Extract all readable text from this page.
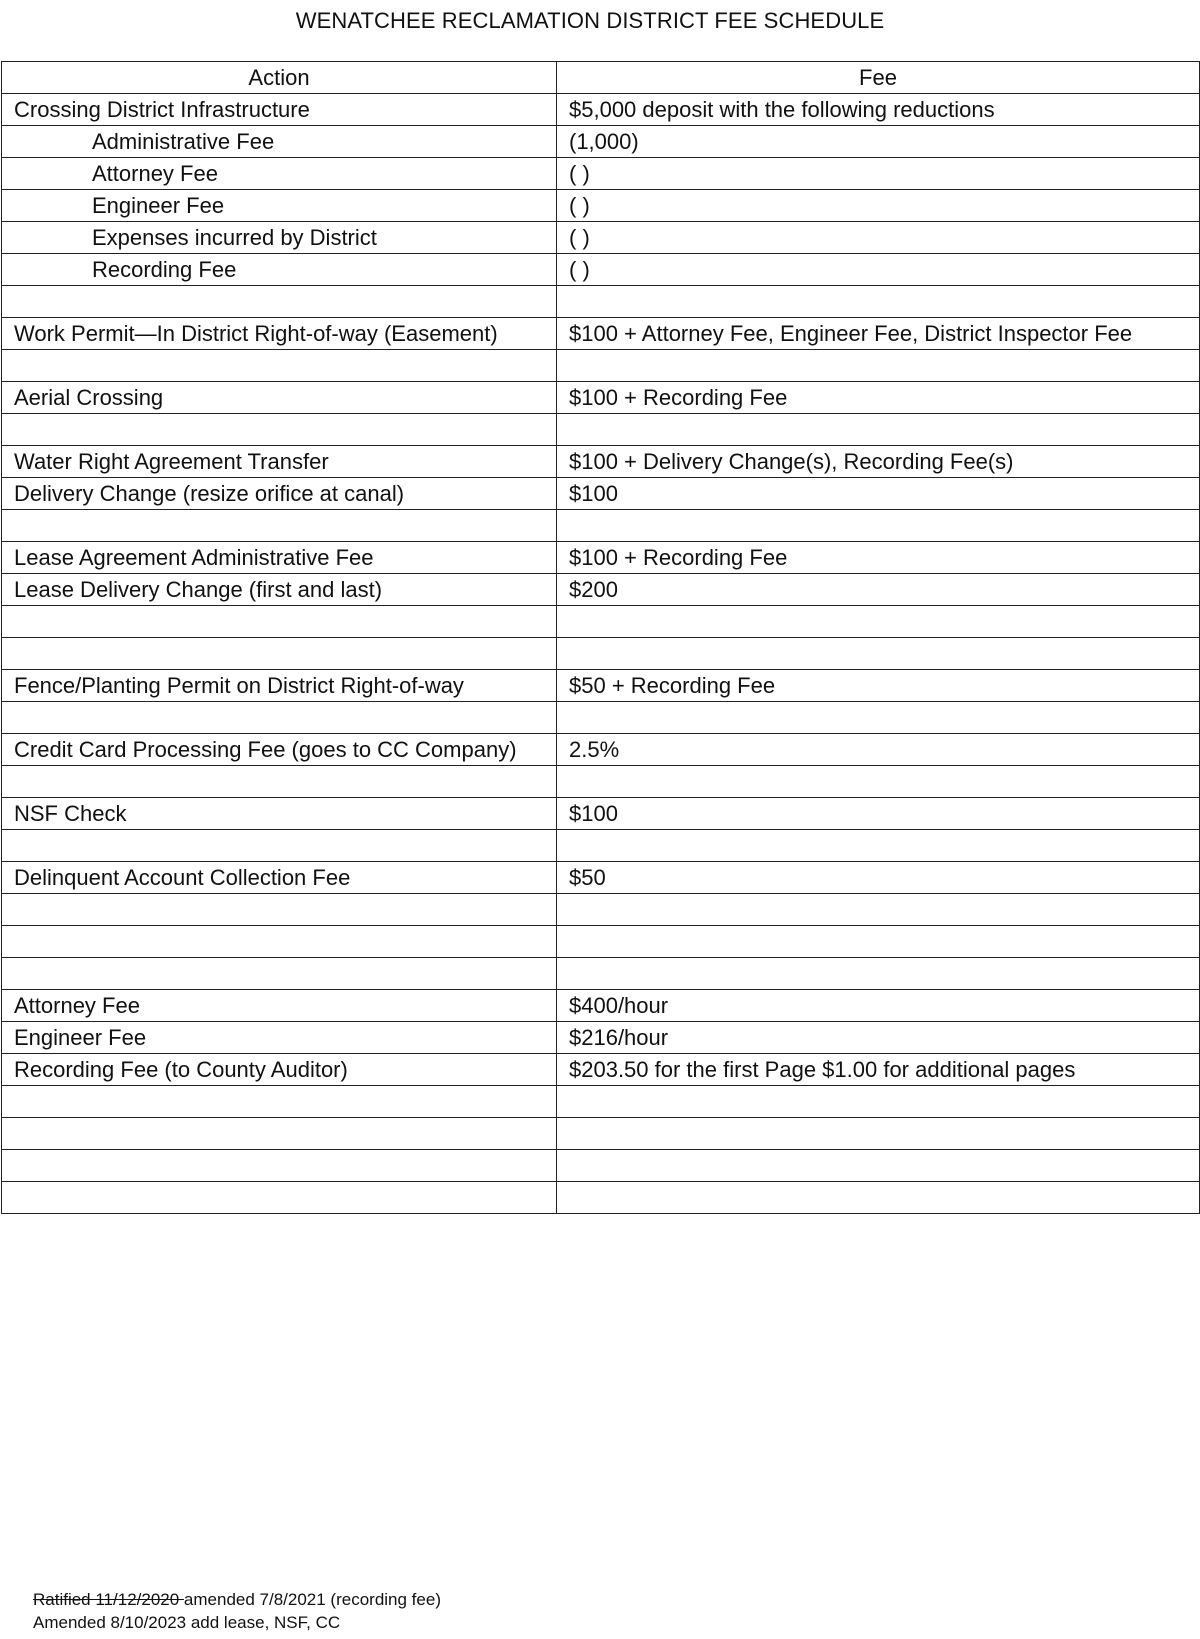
WENATCHEE RECLAMATION DISTRICT FEE SCHEDULE
Action	Fee
Crossing District Infrastructure	$5,000 deposit with the following reductions
Administrative Fee	(1,000)
Attorney Fee	( )
Engineer Fee	( )
Expenses incurred by District	( )
Recording Fee	( )

Work Permit—In District Right-of-way (Easement)	$100 + Attorney Fee, Engineer Fee, District Inspector Fee

Aerial Crossing	$100 + Recording Fee

Water Right Agreement Transfer	$100 + Delivery Change(s), Recording Fee(s)
Delivery Change (resize orifice at canal)	$100

Lease Agreement Administrative Fee	$100 + Recording Fee
Lease Delivery Change (first and last)	$200

Fence/Planting Permit on District Right-of-way	$50 + Recording Fee

Credit Card Processing Fee (goes to CC Company)	2.5%

NSF Check	$100

Delinquent Account Collection Fee	$50

Attorney Fee	$400/hour
Engineer Fee	$216/hour
Recording Fee (to County Auditor)	$203.50 for the first Page $1.00 for additional pages

Ratified 11/12/2020 amended 7/8/2021 (recording fee)
Amended 8/10/2023 add lease, NSF, CC
